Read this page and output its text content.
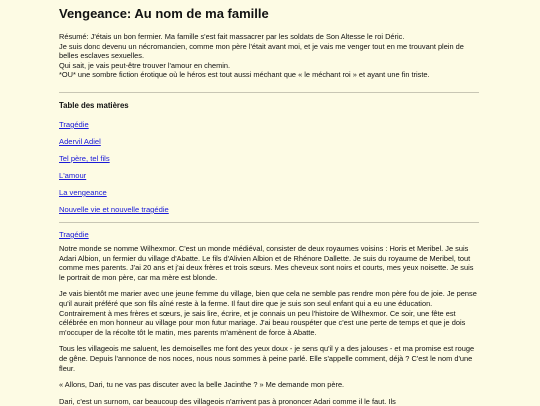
Vengeance: Au nom de ma famille

Résumé: J'étais un bon fermier. Ma famille s'est fait massacrer par les soldats de Son Altesse le roi Déric.

Je suis donc devenu un nécromancien, comme mon père l'était avant moi, et je vais me venger tout en me trouvant plein de belles esclaves sexuelles.

Qui sait, je vais peut-être trouver l'amour en chemin.

*OU* une sombre fiction érotique où le héros est tout aussi méchant que « le méchant roi » et ayant une fin triste.

Table des matières
Tragédie
Adervil Adiel
Tel père, tel fils
L'amour
La vengeance
Nouvelle vie et nouvelle tragédie
Tragédie

Notre monde se nomme Wilhexmor. C'est un monde médiéval, consister de deux royaumes voisins : Horis et Meribel. Je suis Adari Albion, un fermier du village d'Abatte. Le fils d'Alivien Albion et de Rhénore Dallette. Je suis du royaume de Meribel, tout comme mes parents. J'ai 20 ans et j'ai deux frères et trois sœurs. Mes cheveux sont noirs et courts, mes yeux noisette. Je suis le portrait de mon père, car ma mère est blonde.

Je vais bientôt me marier avec une jeune femme du village, bien que cela ne semble pas rendre mon père fou de joie. Je pense qu'il aurait préféré que son fils aîné reste à la ferme. Il faut dire que je suis son seul enfant qui a eu une éducation. Contrairement à mes frères et sœurs, je sais lire, écrire, et je connais un peu l'histoire de Wilhexmor. Ce soir, une fête est célébrée en mon honneur au village pour mon futur mariage. J'ai beau rouspéter que c'est une perte de temps et que je dois m'occuper de la récolte tôt le matin, mes parents m'amènent de force à Abatte.

Tous les villageois me saluent, les demoiselles me font des yeux doux - je sens qu'il y a des jalouses - et ma promise est rouge de gêne. Depuis l'annonce de nos noces, nous nous sommes à peine parlé. Elle s'appelle comment, déjà ? C'est le nom d'une fleur.

« Allons, Dari, tu ne vas pas discuter avec la belle Jacinthe ? » Me demande mon père.

Dari, c'est un surnom, car beaucoup des villageois n'arrivent pas à prononcer Adari comme il le faut. Ils
